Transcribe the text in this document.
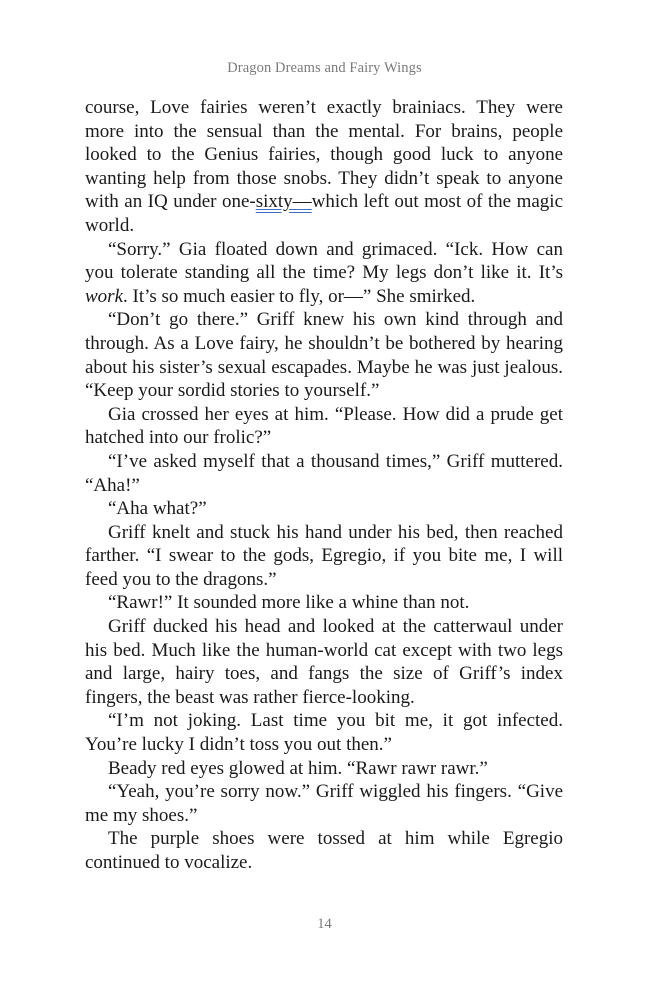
Dragon Dreams and Fairy Wings

course, Love fairies weren’t exactly brainiacs. They were more into the sensual than the mental. For brains, people looked to the Genius fairies, though good luck to anyone wanting help from those snobs. They didn’t speak to anyone with an IQ under one-sixty—which left out most of the magic world.

“Sorry.” Gia floated down and grimaced. “Ick. How can you tolerate standing all the time? My legs don’t like it. It’s work. It’s so much easier to fly, or—” She smirked.

“Don’t go there.” Griff knew his own kind through and through. As a Love fairy, he shouldn’t be bothered by hearing about his sister’s sexual escapades. Maybe he was just jealous. “Keep your sordid stories to yourself.”

Gia crossed her eyes at him. “Please. How did a prude get hatched into our frolic?”

“I’ve asked myself that a thousand times,” Griff muttered. “Aha!”

“Aha what?”

Griff knelt and stuck his hand under his bed, then reached farther. “I swear to the gods, Egregio, if you bite me, I will feed you to the dragons.”

“Rawr!” It sounded more like a whine than not.

Griff ducked his head and looked at the catterwaul under his bed. Much like the human-world cat except with two legs and large, hairy toes, and fangs the size of Griff’s index fingers, the beast was rather fierce-looking.

“I’m not joking. Last time you bit me, it got infected. You’re lucky I didn’t toss you out then.”

Beady red eyes glowed at him. “Rawr rawr rawr.”

“Yeah, you’re sorry now.” Griff wiggled his fingers. “Give me my shoes.”

The purple shoes were tossed at him while Egregio continued to vocalize.

14
